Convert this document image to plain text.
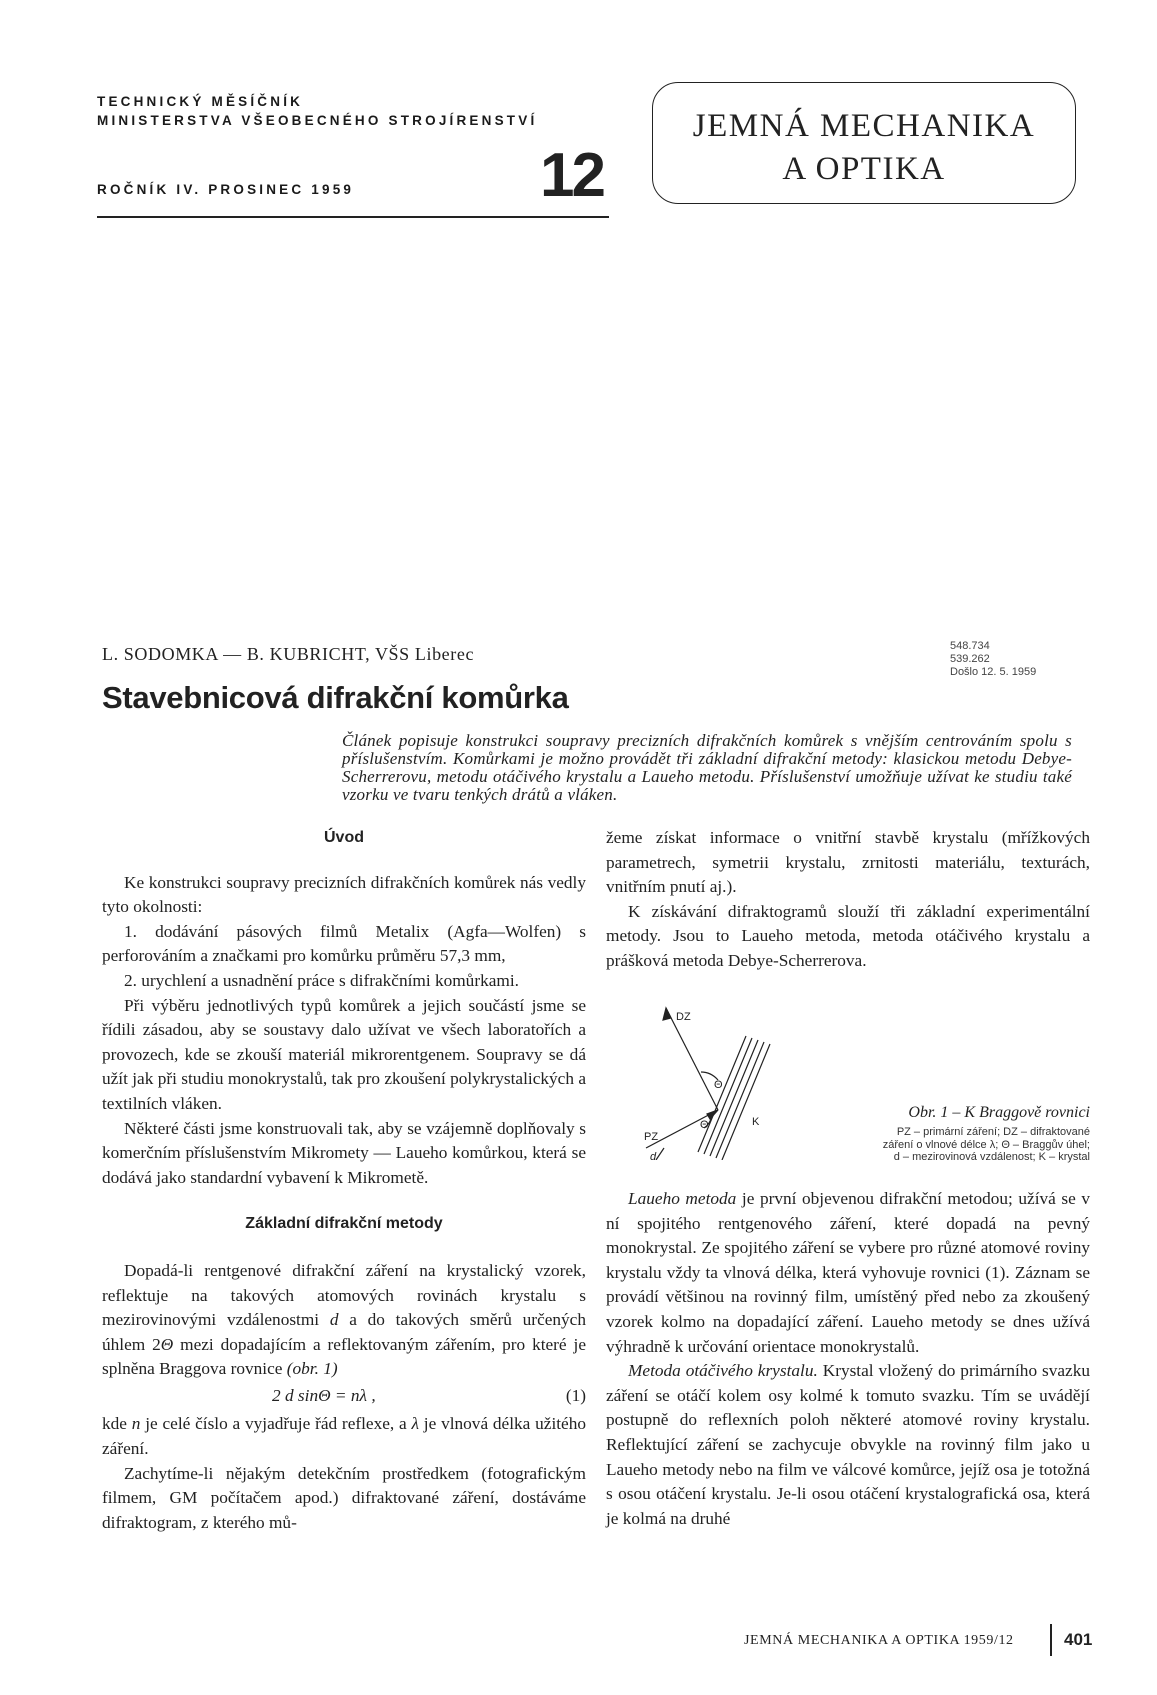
TECHNICKÝ MĚSÍČNÍK
MINISTERSTVA VŠEOBECNÉHO STROJÍRENSTVÍ
ROČNÍK IV. PROSINEC 1959	12
JEMNÁ MECHANIKA
A OPTIKA
L. SODOMKA — B. KUBRICHT, VŠS Liberec	548.734
539.262
Došlo 12. 5. 1959
Stavebnicová difrakční komůrka
Článek popisuje konstrukci soupravy precizních difrakčních komůrek s vnějším centrováním spolu s příslušenstvím. Komůrkami je možno provádět tři základní difrakční metody: klasickou metodu Debye-Scherrerovu, metodu otáčivého krystalu a Laueho metodu. Příslušenství umožňuje užívat ke studiu také vzorku ve tvaru tenkých drátů a vláken.
Úvod

Ke konstrukci soupravy precizních difrakčních komůrek nás vedly tyto okolnosti:

1. dodávání pásových filmů Metalix (Agfa—Wolfen) s perforováním a značkami pro komůrku průměru 57,3 mm,

2. urychlení a usnadnění práce s difrakčními komůrkami.

Při výběru jednotlivých typů komůrek a jejich součástí jsme se řídili zásadou, aby se soustavy dalo užívat ve všech laboratořích a provozech, kde se zkouší materiál mikrorentgenem. Soupravy se dá užít jak při studiu monokrystalů, tak pro zkoušení polykrystalických a textilních vláken.

Některé části jsme konstruovali tak, aby se vzájemně doplňovaly s komerčním příslušenstvím Mikromety — Laueho komůrkou, která se dodává jako standardní vybavení k Mikrometě.

Základní difrakční metody

Dopadá-li rentgenové difrakční záření na krystalický vzorek, reflektuje na takových atomových rovinách krystalu s mezirovinovými vzdálenostmi d a do takových směrů určených úhlem 2Θ mezi dopadajícím a reflektovaným zářením, pro které je splněna Braggova rovnice (obr. 1)

2 d sinΘ = nλ ,	(1)

kde n je celé číslo a vyjadřuje řád reflexe, a λ je vlnová délka užitého záření.

Zachytíme-li nějakým detekčním prostředkem (fotografickým filmem, GM počítačem apod.) difraktované záření, dostáváme difraktogram, z kterého mů-

žeme získat informace o vnitřní stavbě krystalu (mřížkových parametrech, symetrii krystalu, zrnitosti materiálu, texturách, vnitřním pnutí aj.).

K získávání difraktogramů slouží tři základní experimentální metody. Jsou to Laueho metoda, metoda otáčivého krystalu a prášková metoda Debye-Scherrerova.

DZ
PZ
Θ
Θ	K
d
Obr. 1 – K Braggově rovnici
PZ – primární záření; DZ – difraktované
záření o vlnové délce λ; Θ – Braggův úhel;
d – mezirovinová vzdálenost; K – krystal

Laueho metoda je první objevenou difrakční metodou; užívá se v ní spojitého rentgenového záření, které dopadá na pevný monokrystal. Ze spojitého záření se vybere pro různé atomové roviny krystalu vždy ta vlnová délka, která vyhovuje rovnici (1). Záznam se provádí většinou na rovinný film, umístěný před nebo za zkoušený vzorek kolmo na dopadající záření. Laueho metody se dnes užívá výhradně k určování orientace monokrystalů.

Metoda otáčivého krystalu. Krystal vložený do primárního svazku záření se otáčí kolem osy kolmé k tomuto svazku. Tím se uvádějí postupně do reflexních poloh některé atomové roviny krystalu. Reflektující záření se zachycuje obvykle na rovinný film jako u Laueho metody nebo na film ve válcové komůrce, jejíž osa je totožná s osou otáčení krystalu. Je-li osou otáčení krystalografická osa, která je kolmá na druhé

JEMNÁ MECHANIKA A OPTIKA 1959/12	401
